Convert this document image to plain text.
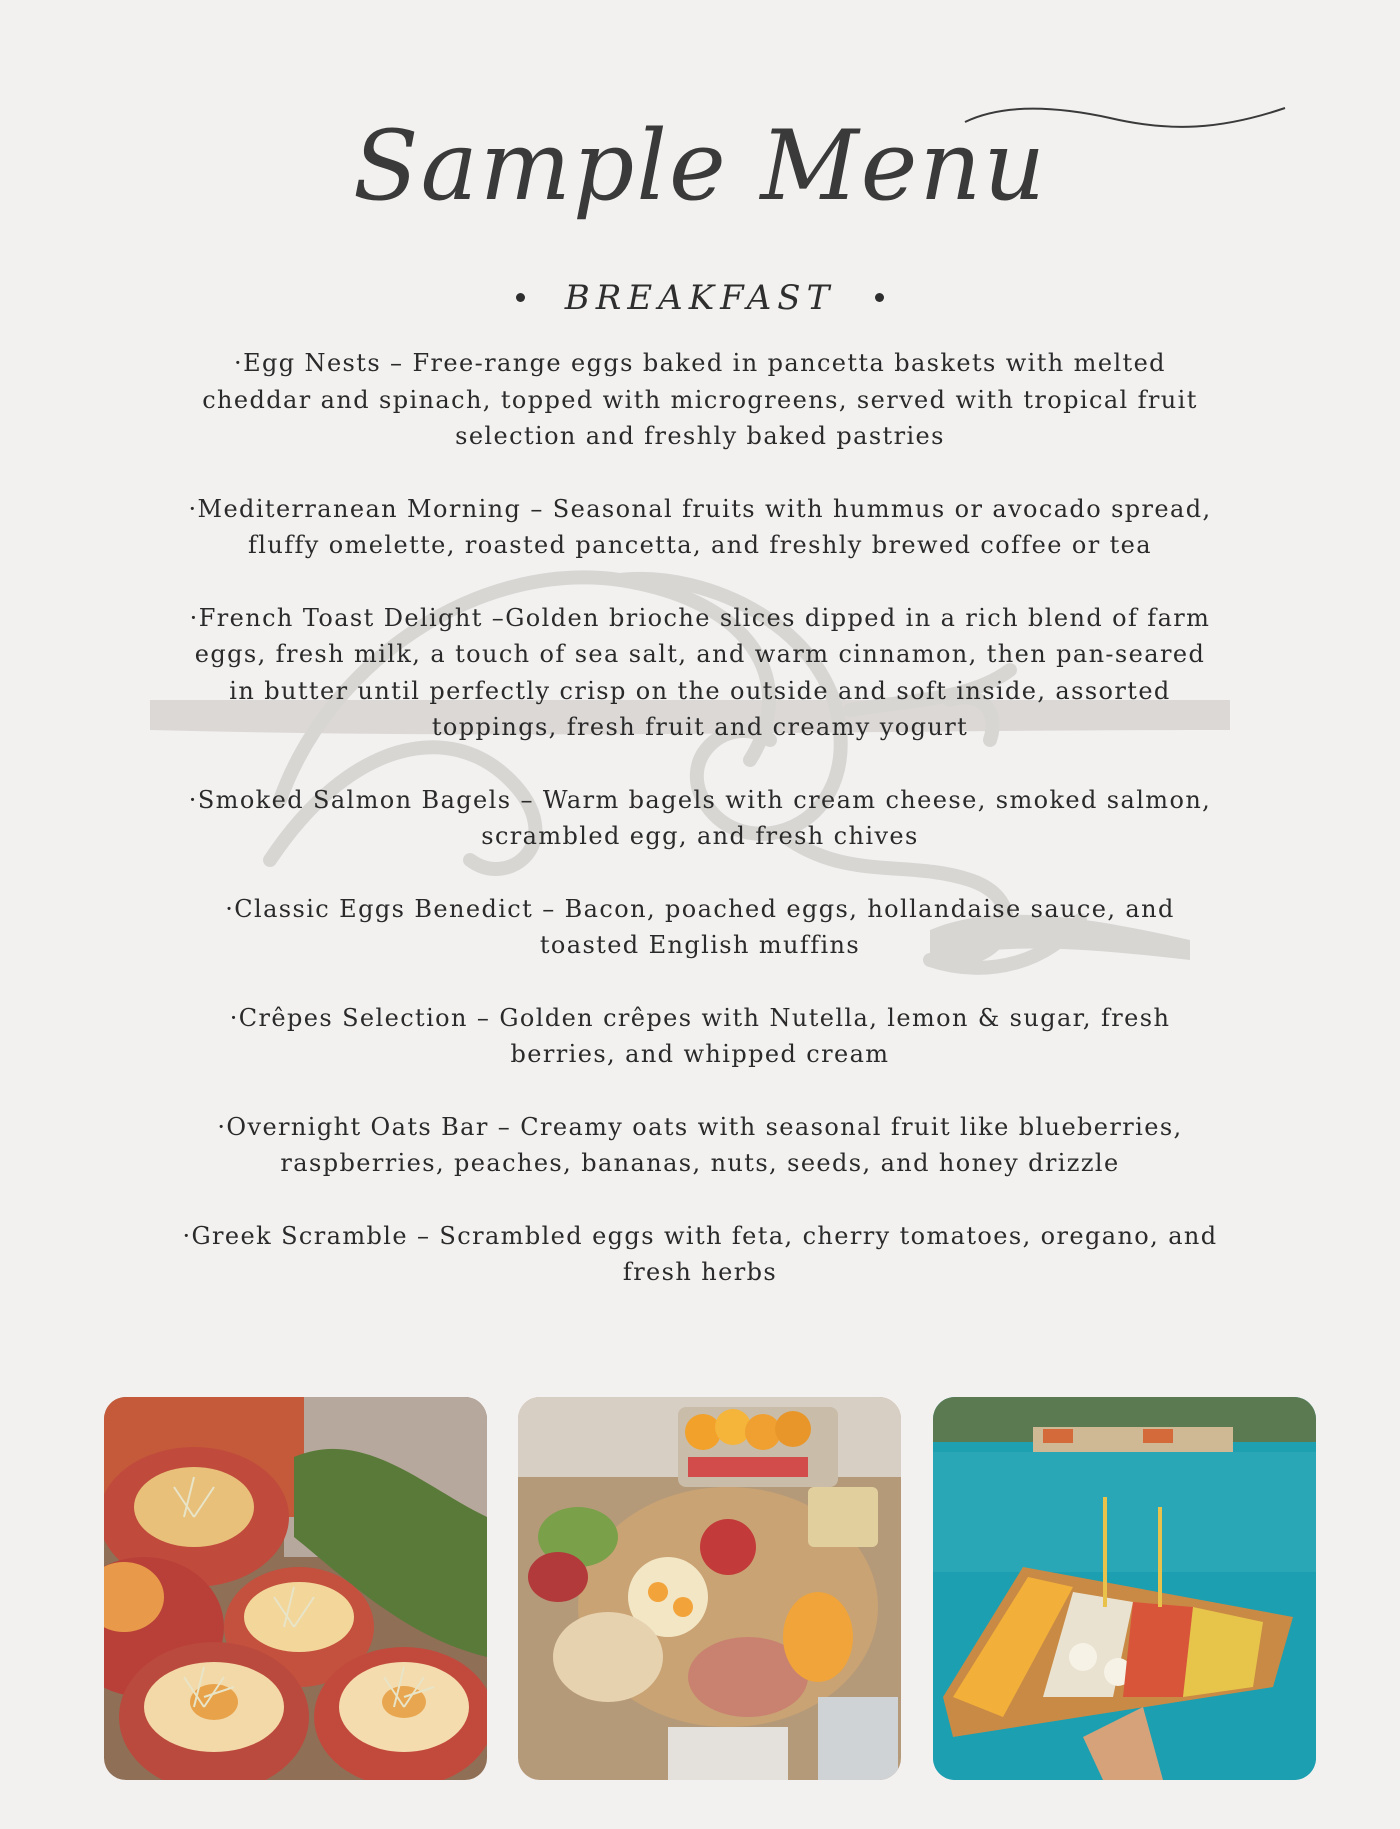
Sample Menu
BREAKFAST

·Egg Nests – Free-range eggs baked in pancetta baskets with melted cheddar and spinach, topped with microgreens, served with tropical fruit selection and freshly baked pastries

·Mediterranean Morning – Seasonal fruits with hummus or avocado spread, fluffy omelette, roasted pancetta, and freshly brewed coffee or tea

·French Toast Delight –Golden brioche slices dipped in a rich blend of farm eggs, fresh milk, a touch of sea salt, and warm cinnamon, then pan-seared in butter until perfectly crisp on the outside and soft inside, assorted toppings, fresh fruit and creamy yogurt

·Smoked Salmon Bagels – Warm bagels with cream cheese, smoked salmon, scrambled egg, and fresh chives

·Classic Eggs Benedict – Bacon, poached eggs, hollandaise sauce, and toasted English muffins

·Crêpes Selection – Golden crêpes with Nutella, lemon & sugar, fresh berries, and whipped cream

·Overnight Oats Bar – Creamy oats with seasonal fruit like blueberries, raspberries, peaches, bananas, nuts, seeds, and honey drizzle

·Greek Scramble – Scrambled eggs with feta, cherry tomatoes, oregano, and fresh herbs
